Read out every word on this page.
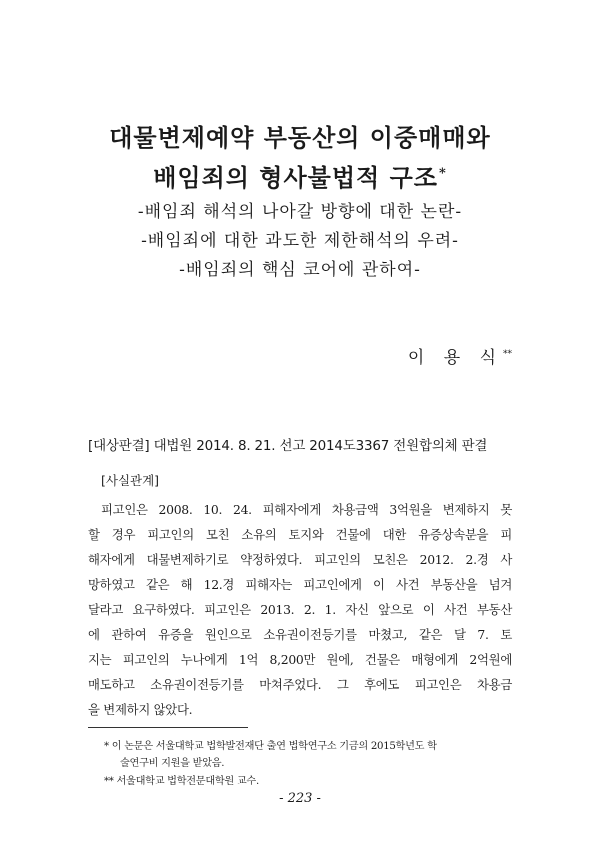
대물변제예약 부동산의 이중매매와
배임죄의 형사불법적 구조*
-배임죄 해석의 나아갈 방향에 대한 논란-
-배임죄에 대한 과도한 제한해석의 우려-
-배임죄의 핵심 코어에 관하여-
이 용 식**
[대상판결] 대법원 2014. 8. 21. 선고 2014도3367 전원합의체 판결
[사실관계]
피고인은 2008. 10. 24. 피해자에게 차용금액 3억원을 변제하지 못
할 경우 피고인의 모친 소유의 토지와 건물에 대한 유증상속분을 피
해자에게 대물변제하기로 약정하였다. 피고인의 모친은 2012. 2.경 사
망하였고 같은 해 12.경 피해자는 피고인에게 이 사건 부동산을 넘겨
달라고 요구하였다. 피고인은 2013. 2. 1. 자신 앞으로 이 사건 부동산
에 관하여 유증을 원인으로 소유권이전등기를 마쳤고, 같은 달 7. 토
지는 피고인의 누나에게 1억 8,200만 원에, 건물은 매형에게 2억원에
매도하고 소유권이전등기를 마쳐주었다. 그 후에도 피고인은 차용금
을 변제하지 않았다.
* 이 논문은 서울대학교 법학발전재단 출연 법학연구소 기금의 2015학년도 학
술연구비 지원을 받았음.
** 서울대학교 법학전문대학원 교수.
- 223 -
